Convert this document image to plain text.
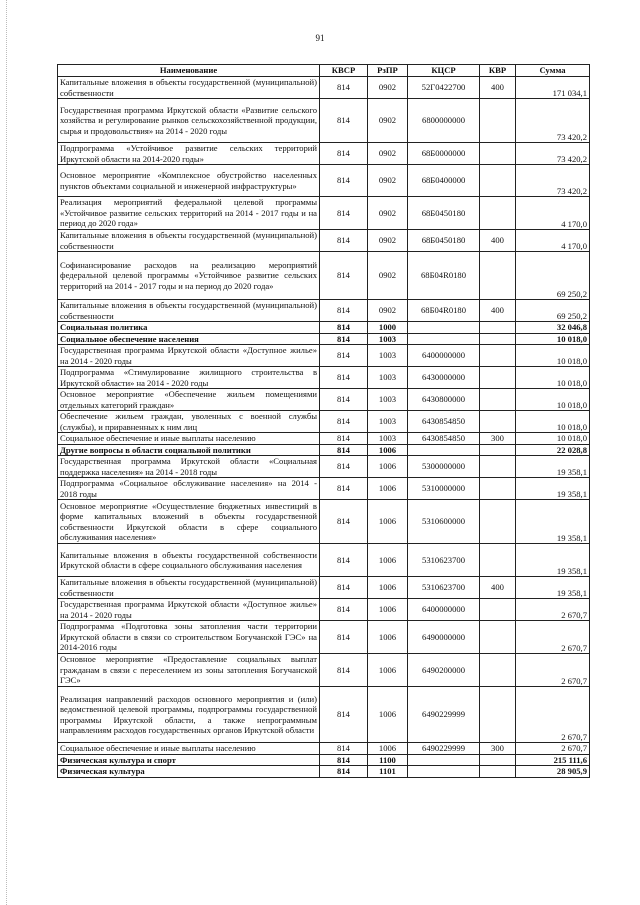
91
Наименование	КВСР	РзПР	КЦСР	КВР	Сумма
Капитальные вложения в объекты государственной (муниципальной) собственности	814	0902	52Г0422700	400	171 034,1
Государственная программа Иркутской области «Развитие сельского хозяйства и регулирование рынков сельскохозяйственной продукции, сырья и продовольствия» на 2014 - 2020 годы	814	0902	6800000000		73 420,2
Подпрограмма «Устойчивое развитие сельских территорий Иркутской области на 2014-2020 годы»	814	0902	68Б0000000		73 420,2
Основное мероприятие «Комплексное обустройство населенных пунктов объектами социальной и инженерной инфраструктуры»	814	0902	68Б0400000		73 420,2
Реализация мероприятий федеральной целевой программы «Устойчивое развитие сельских территорий на 2014 - 2017 годы и на период до 2020 года»	814	0902	68Б0450180		4 170,0
Капитальные вложения в объекты государственной (муниципальной) собственности	814	0902	68Б0450180	400	4 170,0
Софинансирование расходов на реализацию мероприятий федеральной целевой программы «Устойчивое развитие сельских территорий на 2014 - 2017 годы и на период до 2020 года»	814	0902	68Б04R0180		69 250,2
Капитальные вложения в объекты государственной (муниципальной) собственности	814	0902	68Б04R0180	400	69 250,2
Социальная политика	814	1000			32 046,8
Социальное обеспечение населения	814	1003			10 018,0
Государственная программа Иркутской области «Доступное жилье» на 2014 - 2020 годы	814	1003	6400000000		10 018,0
Подпрограмма «Стимулирование жилищного строительства в Иркутской области» на 2014 - 2020 годы	814	1003	6430000000		10 018,0
Основное мероприятие «Обеспечение жильем помещениями отдельных категорий граждан»	814	1003	6430800000		10 018,0
Обеспечение жильем граждан, уволенных с военной службы (службы), и приравненных к ним лиц	814	1003	6430854850		10 018,0
Социальное обеспечение и иные выплаты населению	814	1003	6430854850	300	10 018,0
Другие вопросы в области социальной политики	814	1006			22 028,8
Государственная программа Иркутской области «Социальная поддержка населения» на 2014 - 2018 годы	814	1006	5300000000		19 358,1
Подпрограмма «Социальное обслуживание населения» на 2014 - 2018 годы	814	1006	5310000000		19 358,1
Основное мероприятие «Осуществление бюджетных инвестиций в форме капитальных вложений в объекты государственной собственности Иркутской области в сфере социального обслуживания населения»	814	1006	5310600000		19 358,1
Капитальные вложения в объекты государственной собственности Иркутской области в сфере социального обслуживания населения	814	1006	5310623700		19 358,1
Капитальные вложения в объекты государственной (муниципальной) собственности	814	1006	5310623700	400	19 358,1
Государственная программа Иркутской области «Доступное жилье» на 2014 - 2020 годы	814	1006	6400000000		2 670,7
Подпрограмма «Подготовка зоны затопления части территории Иркутской области в связи со строительством Богучанской ГЭС» на 2014-2016 годы	814	1006	6490000000		2 670,7
Основное мероприятие «Предоставление социальных выплат гражданам в связи с переселением из зоны затопления Богучанской ГЭС»	814	1006	6490200000		2 670,7
Реализация направлений расходов основного мероприятия и (или) ведомственной целевой программы, подпрограммы государственной программы Иркутской области, а также непрограммным направлениям расходов государственных органов Иркутской области	814	1006	6490229999		2 670,7
Социальное обеспечение и иные выплаты населению	814	1006	6490229999	300	2 670,7
Физическая культура и спорт	814	1100			215 111,6
Физическая культура	814	1101			28 905,9
